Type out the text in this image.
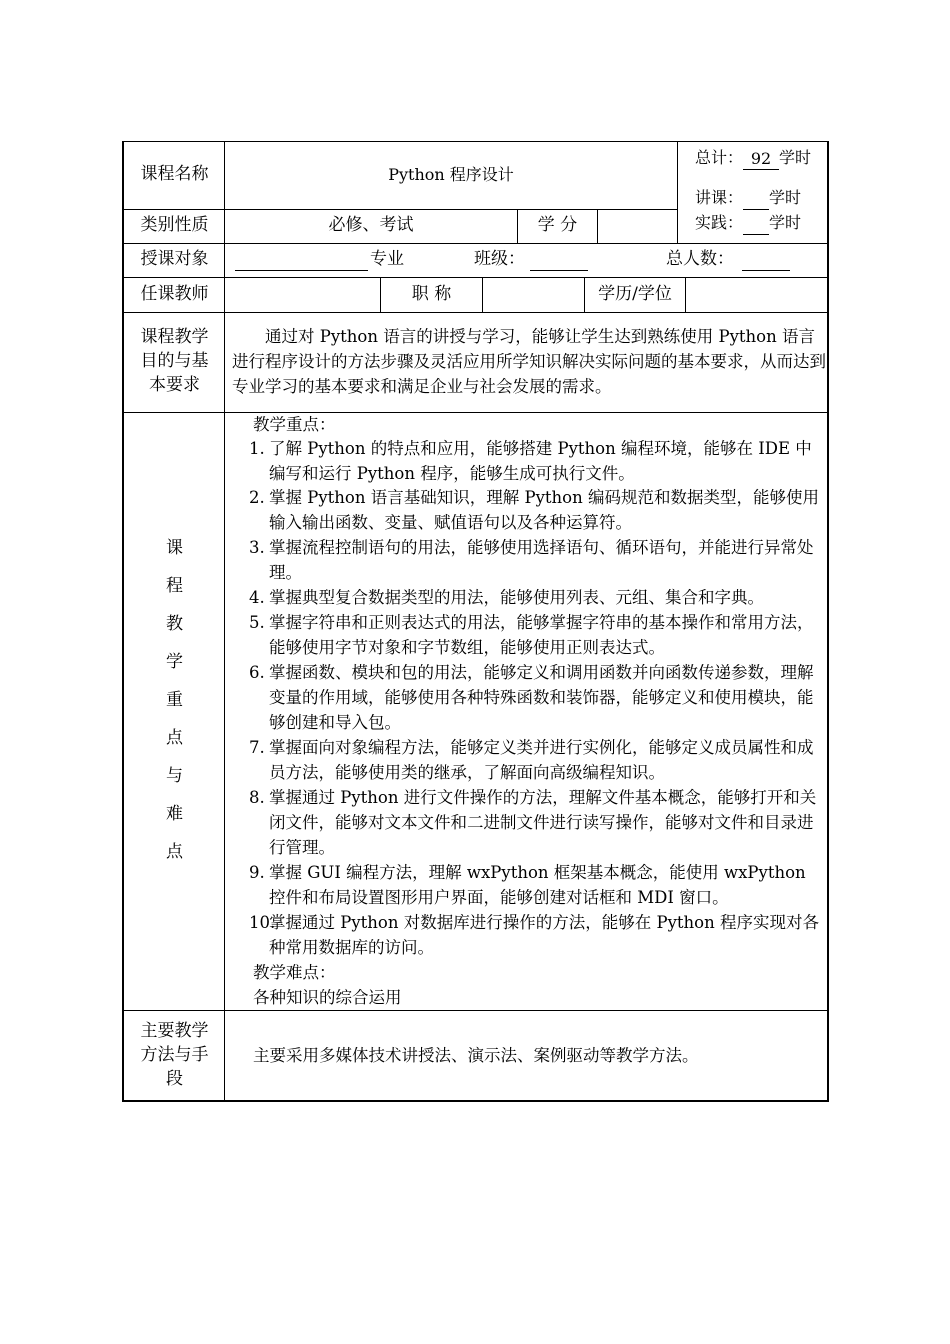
课程名称	Python 程序设计
总计： 92 学时
讲课： 学时
实践： 学时
类别性质	必修、考试	学 分
授课对象	专业	班级：	总人数：
任课教师	职 称	学历/学位
课程教学目的与基本要求
通过对 Python 语言的讲授与学习，能够让学生达到熟练使用 Python 语言进行程序设计的方法步骤及灵活应用所学知识解决实际问题的基本要求，从而达到专业学习的基本要求和满足企业与社会发展的需求。
课
程
教
学
重
点
与
难
点
教学重点：
1. 了解 Python 的特点和应用，能够搭建 Python 编程环境，能够在 IDE 中编写和运行 Python 程序，能够生成可执行文件。
2. 掌握 Python 语言基础知识，理解 Python 编码规范和数据类型，能够使用输入输出函数、变量、赋值语句以及各种运算符。
3. 掌握流程控制语句的用法，能够使用选择语句、循环语句，并能进行异常处理。
4. 掌握典型复合数据类型的用法，能够使用列表、元组、集合和字典。
5. 掌握字符串和正则表达式的用法，能够掌握字符串的基本操作和常用方法，能够使用字节对象和字节数组，能够使用正则表达式。
6. 掌握函数、模块和包的用法，能够定义和调用函数并向函数传递参数，理解变量的作用域，能够使用各种特殊函数和装饰器，能够定义和使用模块，能够创建和导入包。
7. 掌握面向对象编程方法，能够定义类并进行实例化，能够定义成员属性和成员方法，能够使用类的继承，了解面向高级编程知识。
8. 掌握通过 Python 进行文件操作的方法，理解文件基本概念，能够打开和关闭文件，能够对文本文件和二进制文件进行读写操作，能够对文件和目录进行管理。
9. 掌握 GUI 编程方法，理解 wxPython 框架基本概念，能使用 wxPython 控件和布局设置图形用户界面，能够创建对话框和 MDI 窗口。
10.
掌握通过 Python 对数据库进行操作的方法，能够在 Python 程序实现对各种常用数据库的访问。
教学难点：
各种知识的综合运用
主要教学方法与手段
主要采用多媒体技术讲授法、演示法、案例驱动等教学方法。
